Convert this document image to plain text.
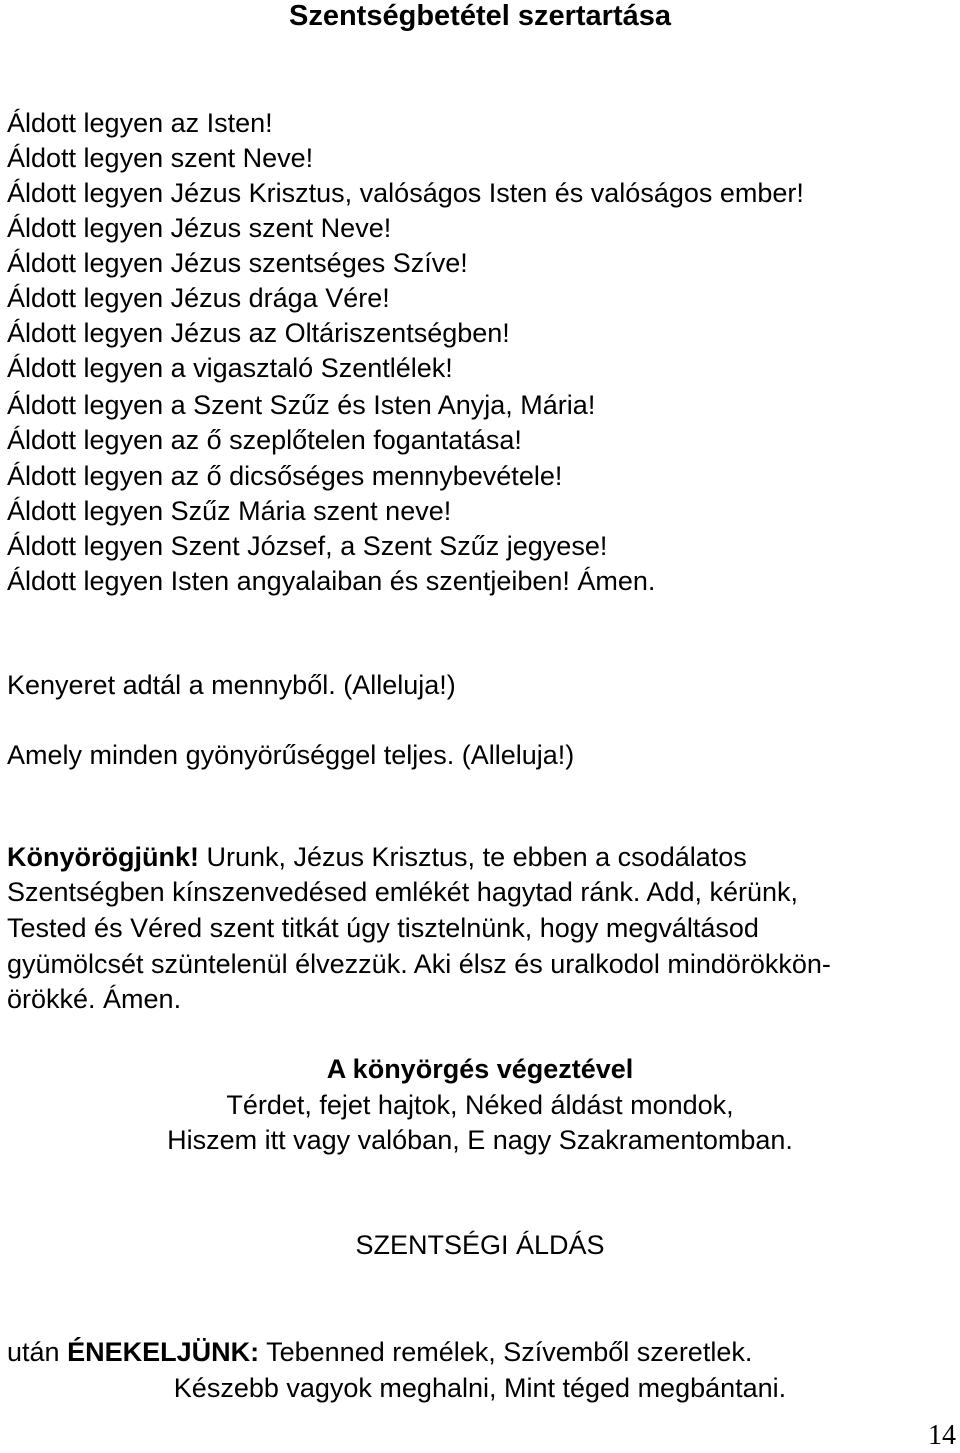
Szentségbetétel szertartása
Áldott legyen az Isten!
Áldott legyen szent Neve!
Áldott legyen Jézus Krisztus, valóságos Isten és valóságos ember!
Áldott legyen Jézus szent Neve!
Áldott legyen Jézus szentséges Szíve!
Áldott legyen Jézus drága Vére!
Áldott legyen Jézus az Oltáriszentségben!
Áldott legyen a vigasztaló Szentlélek!
Áldott legyen a Szent Szűz és Isten Anyja, Mária!
Áldott legyen az ő szeplőtelen fogantatása!
Áldott legyen az ő dicsőséges mennybevétele!
Áldott legyen Szűz Mária szent neve!
Áldott legyen Szent József, a Szent Szűz jegyese!
Áldott legyen Isten angyalaiban és szentjeiben! Ámen.
Kenyeret adtál a mennyből. (Alleluja!)
Amely minden gyönyörűséggel teljes. (Alleluja!)
Könyörögjünk! Urunk, Jézus Krisztus, te ebben a csodálatos
Szentségben kínszenvedésed emlékét hagytad ránk. Add, kérünk,
Tested és Véred szent titkát úgy tisztelnünk, hogy megváltásod
gyümölcsét szüntelenül élvezzük. Aki élsz és uralkodol mindörökkön-
örökké. Ámen.
A könyörgés végeztével
Térdet, fejet hajtok, Néked áldást mondok,
Hiszem itt vagy valóban, E nagy Szakramentomban.
SZENTSÉGI ÁLDÁS
után ÉNEKELJÜNK: Tebenned remélek, Szívemből szeretlek.
Készebb vagyok meghalni, Mint téged megbántani.
14
